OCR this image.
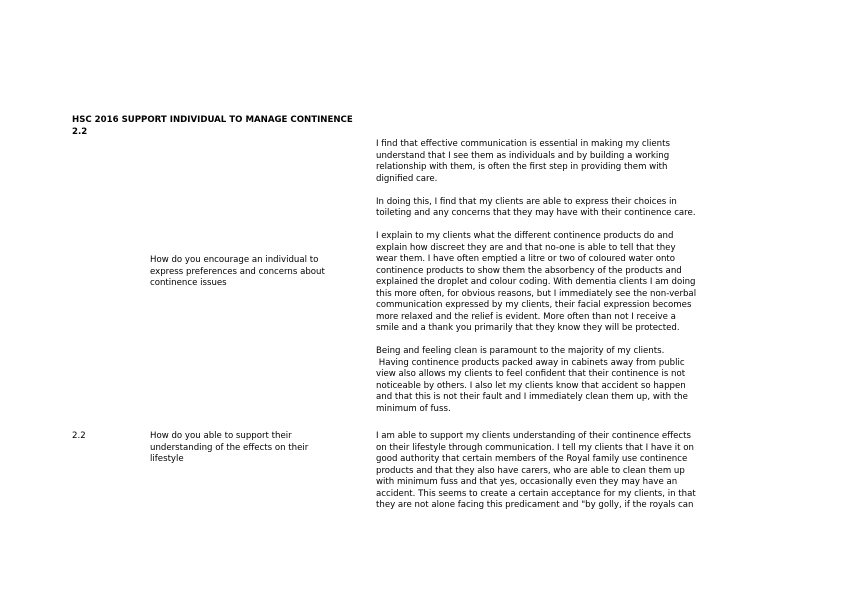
HSC 2016 SUPPORT INDIVIDUAL TO MANAGE CONTINENCE
2.2
How do you encourage an individual to
express preferences and concerns about
continence issues
I find that effective communication is essential in making my clients
understand that I see them as individuals and by building a working
relationship with them, is often the first step in providing them with
dignified care.
In doing this, I find that my clients are able to express their choices in
toileting and any concerns that they may have with their continence care.
I explain to my clients what the different continence products do and
explain how discreet they are and that no-one is able to tell that they
wear them. I have often emptied a litre or two of coloured water onto
continence products to show them the absorbency of the products and
explained the droplet and colour coding. With dementia clients I am doing
this more often, for obvious reasons, but I immediately see the non-verbal
communication expressed by my clients, their facial expression becomes
more relaxed and the relief is evident. More often than not I receive a
smile and a thank you primarily that they know they will be protected.
Being and feeling clean is paramount to the majority of my clients.
Having continence products packed away in cabinets away from public
view also allows my clients to feel confident that their continence is not
noticeable by others. I also let my clients know that accident so happen
and that this is not their fault and I immediately clean them up, with the
minimum of fuss.
2.2	How do you able to support their
understanding of the effects on their
lifestyle
I am able to support my clients understanding of their continence effects
on their lifestyle through communication. I tell my clients that I have it on
good authority that certain members of the Royal family use continence
products and that they also have carers, who are able to clean them up
with minimum fuss and that yes, occasionally even they may have an
accident. This seems to create a certain acceptance for my clients, in that
they are not alone facing this predicament and "by golly, if the royals can
